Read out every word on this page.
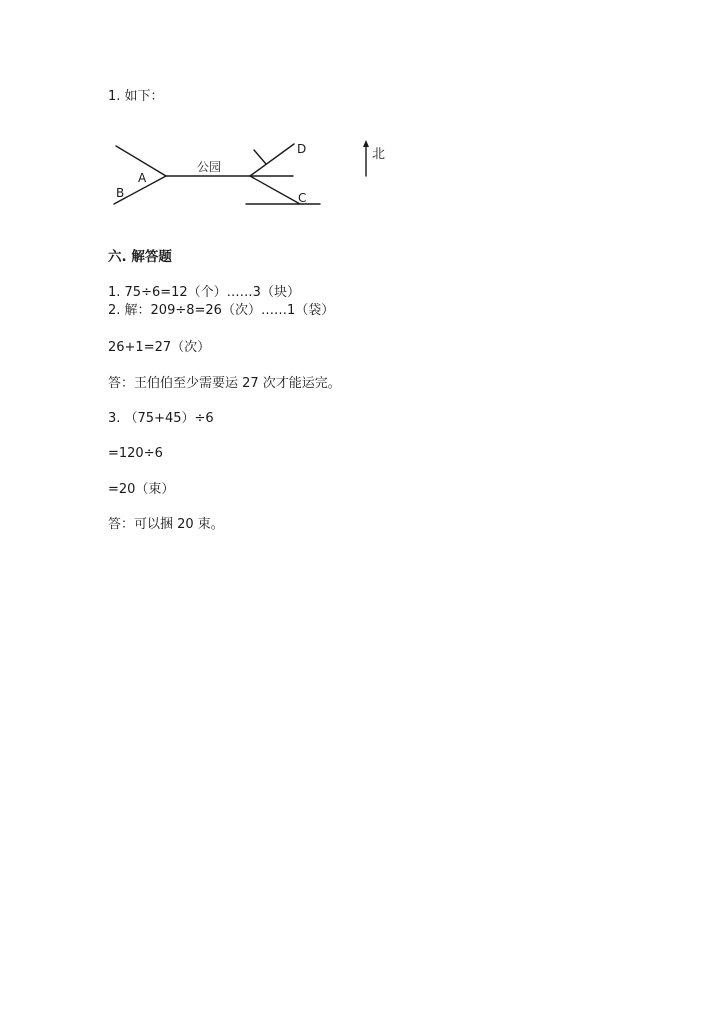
1. 如下：
A
B
公园
D
C
北
六. 解答题
1. 75÷6=12（个）……3（块）
2. 解：209÷8=26（次）……1（袋）
26+1=27（次）
答：王伯伯至少需要运 27 次才能运完。
3. （75+45）÷6
=120÷6
=20（束）
答：可以捆 20 束。
